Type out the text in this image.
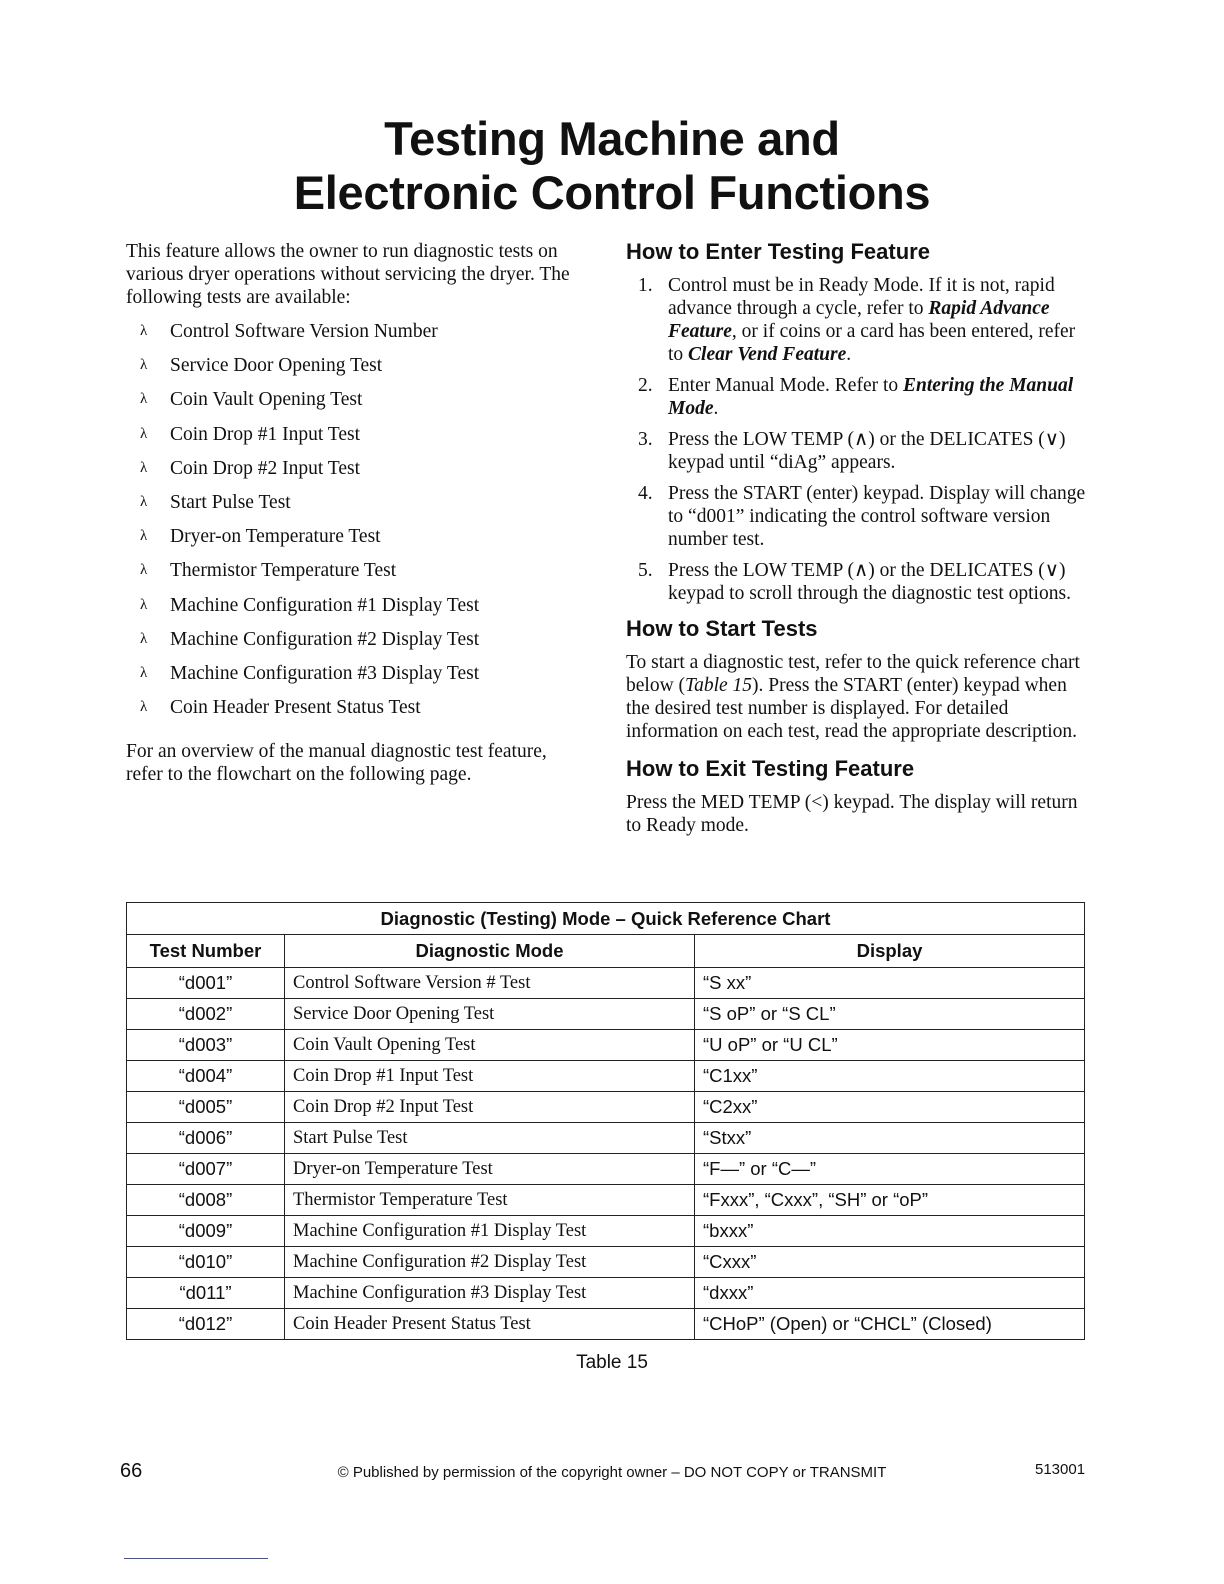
Testing Machine and
Electronic Control Functions

This feature allows the owner to run diagnostic tests on various dryer operations without servicing the dryer. The following tests are available:

λ Control Software Version Number
λ Service Door Opening Test
λ Coin Vault Opening Test
λ Coin Drop #1 Input Test
λ Coin Drop #2 Input Test
λ Start Pulse Test
λ Dryer-on Temperature Test
λ Thermistor Temperature Test
λ Machine Configuration #1 Display Test
λ Machine Configuration #2 Display Test
λ Machine Configuration #3 Display Test
λ Coin Header Present Status Test

For an overview of the manual diagnostic test feature, refer to the flowchart on the following page.

How to Enter Testing Feature
1. Control must be in Ready Mode. If it is not, rapid advance through a cycle, refer to Rapid Advance Feature, or if coins or a card has been entered, refer to Clear Vend Feature.
2. Enter Manual Mode. Refer to Entering the Manual Mode.
3. Press the LOW TEMP (∧) or the DELICATES (∨) keypad until “diAg” appears.
4. Press the START (enter) keypad. Display will change to “d001” indicating the control software version number test.
5. Press the LOW TEMP (∧) or the DELICATES (∨) keypad to scroll through the diagnostic test options.
How to Start Tests

To start a diagnostic test, refer to the quick reference chart below (Table 15). Press the START (enter) keypad when the desired test number is displayed. For detailed information on each test, read the appropriate description.

How to Exit Testing Feature

Press the MED TEMP (<) keypad. The display will return to Ready mode.

Diagnostic (Testing) Mode – Quick Reference Chart		
Test Number	Diagnostic Mode	Display
“d001”	Control Software Version # Test	“S xx”
“d002”	Service Door Opening Test	“S oP” or “S CL”
“d003”	Coin Vault Opening Test	“U oP” or “U CL”
“d004”	Coin Drop #1 Input Test	“C1xx”
“d005”	Coin Drop #2 Input Test	“C2xx”
“d006”	Start Pulse Test	“Stxx”
“d007”	Dryer-on Temperature Test	“F—” or “C—”
“d008”	Thermistor Temperature Test	“Fxxx”, “Cxxx”, “SH” or “oP”
“d009”	Machine Configuration #1 Display Test	“bxxx”
“d010”	Machine Configuration #2 Display Test	“Cxxx”
“d011”	Machine Configuration #3 Display Test	“dxxx”
“d012”	Coin Header Present Status Test	“CHoP” (Open) or “CHCL” (Closed)
Table 15
66	© Published by permission of the copyright owner – DO NOT COPY or TRANSMIT	513001
